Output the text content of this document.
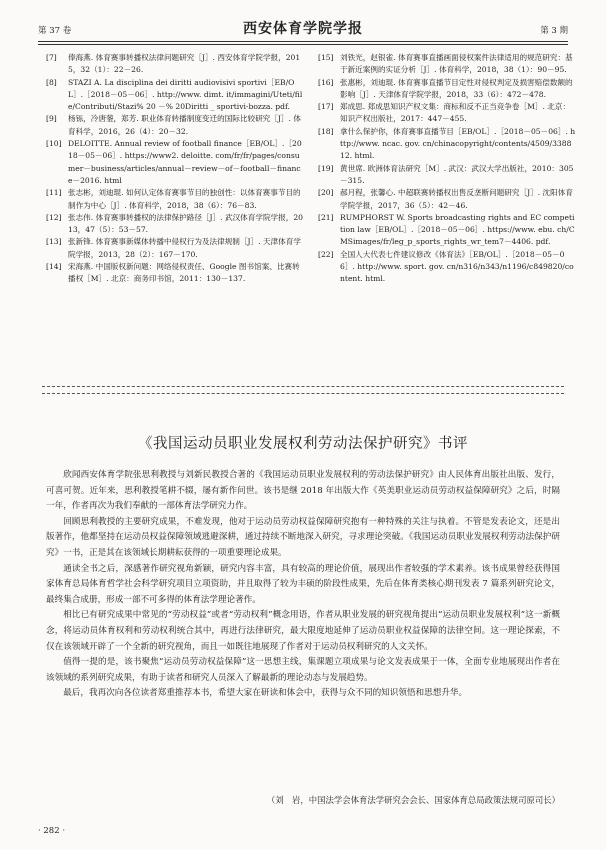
第 37 卷	西安体育学院学报	第 3 期
[7]	俸海燕. 体育赛事转播权法律问题研究［J］. 西安体育学院学报，2015，32（1）：22－26.
[8]	STAZI A. La disciplina dei diritti audiovisivi sportivi［EB/OL］.［2018－05－06］. http://www. dimt. it/immagini/Uteti/file/Contributi/Stazi% 20 －% 20Diritti _ sportivi-bozza. pdf.
[9]	杨铄，冷唐蓥，郑芳. 职业体育转播制度变迁的国际比较研究［J］. 体育科学，2016，26（4）：20－32.
[10] DELOITTE. Annual review of football finance［EB/OL］.［2018－05－06］. https://www2. deloitte. com/fr/fr/pages/consumer－business/articles/annual－review－of－football－finance－2016. html
[11] 张志彬，刘迪琨. 如何认定体育赛事节目的独创性：以体育赛事节目的制作为中心［J］. 体育科学，2018，38（6）：76－83.
[12] 张志伟. 体育赛事转播权的法律保护路径［J］. 武汉体育学院学报，2013，47（5）：53－57.
[13] 张新锋. 体育赛事新媒体转播中侵权行为及法律规制［J］. 天津体育学院学报，2013，28（2）：167－170.
[14] 宋海燕. 中国版权新问题：网络侵权责任、Google 图书馆案、比赛转播权［M］. 北京：商务印书馆，2011：130－137.
[15] 刘铁光，赵银雀. 体育赛事直播画面侵权案件法律适用的规范研究：基于新近案例的实证分析［J］. 体育科学，2018，38（1）：90－95.
[16] 张惠彬，刘迪琨. 体育赛事直播节目定性对侵权判定及损害赔偿数额的影响［J］. 天津体育学院学报，2018，33（6）：472－478.
[17] 郑成思. 郑成思知识产权文集：商标和反不正当竞争卷［M］. 北京：知识产权出版社，2017：447－455.
[18] 拿什么保护你，体育赛事直播节目［EB/OL］.［2018－05－06］. http://www. ncac. gov. cn/chinacopyright/contents/4509/338812. html.
[19] 黄世席. 欧洲体育法研究［M］. 武汉：武汉大学出版社，2010：305－315.
[20] 郝月程，张馨心. 中超联赛转播权出售反垄断问题研究［J］. 沈阳体育学院学报，2017，36（5）：42－46.
[21] RUMPHORST W. Sports broadcasting rights and EC competition law［EB/OL］.［2018－05－06］. https://www. ebu. ch/CMSimages/fr/leg_p_sports_rights_wr_tem7－4406. pdf.
[22] 全国人大代表七件建议修改《体育法》［EB/OL］.［2018－05－06］. http://www. sport. gov. cn/n316/n343/n1196/c849820/content. html.
《我国运动员职业发展权利劳动法保护研究》书评

欣闻西安体育学院张思利教授与刘新民教授合著的《我国运动员职业发展权利的劳动法保护研究》由人民体育出版社出版、发行，可喜可贺。近年来，思利教授笔耕不辍，屡有新作问世。该书是继 2018 年出版大作《英美职业运动员劳动权益保障研究》之后，时隔一年，作者再次为我们奉献的一部体育法学研究力作。

回顾思利教授的主要研究成果，不难发现，他对于运动员劳动权益保障研究抱有一种特殊的关注与执着。不管是发表论文，还是出版著作，他都坚持在运动员权益保障领域逃避深耕，通过持续不断地深入研究，寻求理论突破。《我国运动员职业发展权利劳动法保护研究》一书，正是其在该领域长期耕耘获得的一项重要理论成果。

通读全书之后，深感著作研究视角新颖，研究内容丰富，具有较高的理论价值，展现出作者较强的学术素养。该书成果曾经获得国家体育总局体育哲学社会科学研究项目立项资助，并且取得了较为丰硕的阶段性成果，先后在体育类核心期刊发表 7 篇系列研究论文，最终集合成册，形成一部不可多得的体育法学理论著作。

相比已有研究成果中常见的“劳动权益”或者“劳动权利”概念用语，作者从职业发展的研究视角提出“运动员职业发展权利”这一新概念，将运动员体育权利和劳动权利统合其中，再进行法律研究，最大限度地延伸了运动员职业权益保障的法律空间。这一理论探索，不仅在该领域开辟了一个全新的研究视角，而且一如既往地展现了作者对于运动员权利研究的人文关怀。

值得一提的是，该书聚焦“运动员劳动权益保障”这一思想主线，集课题立项成果与论文发表成果于一体，全面专业地展现出作者在该领域的系列研究成果，有助于读者和研究人员深入了解最新的理论动态与发展趋势。

最后，我再次向各位读者郑重推荐本书，希望大家在研读和体会中，获得与众不同的知识领悟和思想升华。

（刘　岩，中国法学会体育法学研究会会长、国家体育总局政策法规司原司长）
· 282 ·
